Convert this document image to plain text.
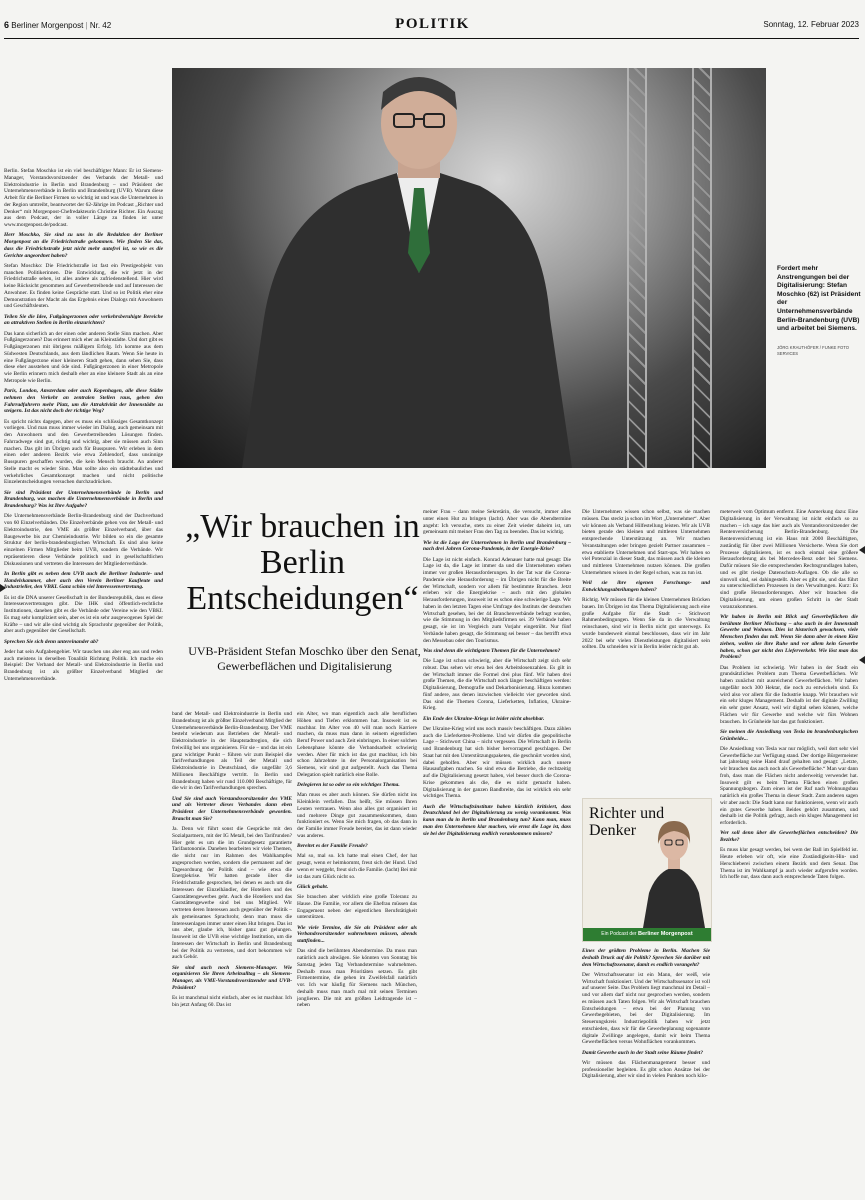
6 Berliner Morgenpost | Nr. 42	POLITIK	Sonntag, 12. Februar 2023

Berlin. Stefan Moschko ist ein viel beschäftigter Mann: Er ist Siemens-Manager, Vorstandsvorsitzender des Verbands der Metall- und Elektroindustrie in Berlin und Brandenburg – und Präsident der Unternehmensverbände in Berlin und Brandenburg (UVB). Warum diese Arbeit für die Berliner Firmen so wichtig ist und was die Unternehmen in der Region umtreibt, beantwortet der 62-Jährige im Podcast „Richter und Denker“ mit Morgenpost-Chefredakteurin Christine Richter. Ein Auszug aus dem Podcast, der in voller Länge zu finden ist unter www.morgenpost.de/podcast.

Herr Moschko, Sie sind zu uns in die Redaktion der Berliner Morgenpost an die Friedrichstraße gekommen. Wie finden Sie das, dass die Friedrichstraße jetzt nicht mehr autofrei ist, so wie es die Gerichte angeordnet haben?

Stefan Moschko: Die Friedrichstraße ist fast ein Prestigeobjekt von manchen Politikerinnen. Die Entwicklung, die wir jetzt in der Friedrichstraße sehen, ist alles andere als zufriedenstellend. Hier wird keine Rücksicht genommen auf Gewerbetreibende und auf Interessen der Anwohner. Es finden keine Gespräche statt. Und so ist Politik eher eine Demonstration der Macht als das Ergebnis eines Dialogs mit Anwohnern und Geschäftsleuten.

Teilen Sie die Idee, Fußgängerzonen oder verkehrsberuhigte Bereiche an attraktiven Stellen in Berlin einzurichten?

Das kann sicherlich an der einen oder anderen Stelle Sinn machen. Aber Fußgängerzonen? Das erinnert mich eher an Kleinstädte. Und dort gibt es Fußgängerzonen mit übrigens mäßigem Erfolg. Ich komme aus dem Südwesten Deutschlands, aus dem ländlichen Raum. Wenn Sie heute in eine Fußgängerzone einer kleineren Stadt gehen, dann sehen Sie, dass diese eher ausstehen und öde sind. Fußgängerzonen in einer Metropole wie Berlin erinnern mich deshalb eher an eine kleinere Stadt als an eine Metropole wie Berlin.

Paris, London, Amsterdam oder auch Kopenhagen, alle diese Städte nehmen den Verkehr an zentralen Stellen raus, geben den Fahrradfahrern mehr Platz, um die Attraktivität der Innenstädte zu steigern. Ist das nicht doch der richtige Weg?

Es spricht nichts dagegen, aber es muss ein schlüssiges Gesamtkonzept vorliegen. Und man muss immer wieder im Dialog, auch gemeinsam mit den Anwohnern und den Gewerbetreibenden Lösungen finden. Fahrradwege sind gut, richtig und wichtig, aber sie müssen auch Sinn machen. Das gilt im Übrigen auch für Busspuren. Wir erleben in dem einen oder anderen Bezirk wie etwa Zehlendorf, dass unsinnige Busspuren geschaffen wurden, die kein Mensch braucht. An anderer Stelle macht es wieder Sinn. Man sollte also ein städtebauliches und verkehrliches Gesamtkonzept machen und nicht politische Einzelentscheidungen versuchen durchzudrücken.

Sie sind Präsident der Unternehmensverbände in Berlin und Brandenburg, was machen die Unternehmensverbände in Berlin und Brandenburg? Was ist Ihre Aufgabe?

Die Unternehmensverbände Berlin-Brandenburg sind der Dachverband von 60 Einzelverbänden. Die Einzelverbände gehen von der Metall- und Elektroindustrie, den VME als größter Einzelverband, über das Baugewerbe bis zur Chemieindustrie. Wir bilden so ein die gesamte Struktur der berlin-brandenburgischen Wirtschaft. Es sind also keine einzelnen Firmen Mitglieder beim UVB, sondern die Verbände. Wir repräsentieren diese Verbände politisch und in gesellschaftlichen Diskussionen und vertreten die Interessen der Mitgliederverbände.

In Berlin gibt es neben dem UVB auch die Berliner Industrie- und Handelskammer, aber auch den Verein Berliner Kaufleute und Industrieller, den VBKI. Ganz schön viel Interessenvertretung.

Es ist die DNA unserer Gesellschaft in der Bundesrepublik, dass es diese Interessenvertretungen gibt. Die IHK sind öffentlich-rechtliche Institutionen, daneben gibt es die Verbände oder Vereine wie den VBKI. Es mag sehr kompliziert sein, aber es ist ein sehr ausgewogenes Spiel der Kräfte – und wir alle sind wichtig als Sprachrohr gegenüber der Politik, aber auch gegenüber der Gesellschaft.

Sprechen Sie sich denn untereinander ab?

Jeder hat sein Aufgabengebiet. Wir tauschen uns aber eng aus und reden auch meistens in derselben Tonalität Richtung Politik. Ich mache ein Beispiel: Der Verband der Metall- und Elektroindustrie in Berlin und Brandenburg ist als größter Einzelverband Mitglied der Unternehmensverbände.

Fordert mehr Anstrengungen bei der Digitalisierung: Stefan Moschko (62) ist Präsident der Unternehmensverbände Berlin-Brandenburg (UVB) und arbeitet bei Siemens.
JÖRG KRAUTHÖFER / FUNKE FOTO SERVICES
„Wir brauchen in Berlin Entscheidungen“
UVB-Präsident Stefan Moschko über den Senat, Gewerbeflächen und Digitalisierung

band der Metall- und Elektroindustrie in Berlin und Brandenburg ist als größter Einzelverband Mitglied der Unternehmensverbände Berlin-Brandenburg. Der VME besteht wiederum aus Betrieben der Metall- und Elektroindustrie in der Hauptstadtregion, die sich freiwillig bei uns organisieren. Für sie – und das ist ein ganz wichtiger Punkt – führen wir zum Beispiel die Tarifverhandlungen als Teil der Metall und Elektroindustrie in Deutschland, die ungefähr 3,6 Millionen Beschäftigte vertritt. In Berlin und Brandenburg haben wir rund 110.000 Beschäftigte, für die wir in den Tarifverhandlungen sprechen.

Und Sie sind auch Vorstandsvorsitzender des VME und als Vertreter dieses Verbandes dann eben Präsident der Unternehmensverbände geworden. Braucht man Sie?

Ja. Denn wir führt sonst die Gespräche mit den Sozialpartnern, mit der IG Metall, bei den Tarifrunden? Hier geht es um die im Grundgesetz garantierte Tarifautonomie. Daneben bearbeiten wir viele Themen, die nicht nur im Rahmen des Wahlkampfes angesprochen werden, sondern die permanent auf der Tagesordnung der Politik sind – wie etwa die Energiekrise. Wir hatten gerade über die Friedrichstraße gesprochen, bei denen es auch um die Interessen der Einzelhändler, der Hoteliers und des Gaststättengewerbes geht. Auch die Hoteliers und das Gaststättengewerbe sind bei uns Mitglied. Wir vertreten deren Interessen auch gegenüber der Politik – als gemeinsames Sprachrohr, denn man muss die Interessenlagen immer unter einen Hut bringen. Das ist uns aber, glaube ich, bisher ganz gut gelungen. Insoweit ist die UVB eine wichtige Institution, um die Interessen der Wirtschaft in Berlin und Brandenburg bei der Politik zu vertreten, und dort bekommen wir auch Gehör.

Sie sind auch noch Siemens-Manager. Wie organisieren Sie Ihren Arbeitsalltag – als Siemens-Manager, als VME-Vorstandsvorsitzender und UVB-Präsident?

Es ist manchmal nicht einfach, aber es ist machbar. Ich bin jetzt Anfang 60. Das ist

ein Alter, wo man eigentlich auch alle beruflichen Höhen und Tiefen erklommen hat. Insoweit ist es machbar. Im Alter von 40 will man noch Karriere machen, da muss man dann in seinem eigentlichen Beruf Power und auch Zeit einbringen. In einer solchen Lebensphase könnte die Verbandsarbeit schwierig werden. Aber für mich ist das gut machbar, ich bin schon Jahrzehnte in der Personalorganisation bei Siemens, wir sind gut aufgestellt. Auch das Thema Delegation spielt natürlich eine Rolle.

Delegieren ist so oder so ein wichtiges Thema.

Man muss es aber auch können. Sie dürfen nicht ins Kleinklein verfallen. Das heißt, Sie müssen Ihren Leuten vertrauen. Wenn also alles gut organisiert ist und mehrere Dinge gut zusammenkommen, dann funktioniert es. Wenn Sie mich fragen, ob das dann in der Familie immer Freude bereitet, das ist dann wieder was anderes.

Bereitet es der Familie Freude?

Mal so, mal so. Ich hatte mal einen Chef, der hat gesagt, wenn er heimkommt, freut sich der Hund. Und wenn er weggeht, freut sich die Familie. (lacht) Bei mir ist das zum Glück nicht so.

Glück gehabt.

Sie brauchen aber wirklich eine große Toleranz zu Hause. Die Familie, vor allem die Ehefrau müssen das Engagement neben der eigentlichen Berufstätigkeit unterstützen.

Wie viele Termine, die Sie als Präsident oder als Verbandsvorsitzender wahrnehmen müssen, abends stattfinden...

Das sind die berühmten Abendtermine. Da muss man natürlich auch abwägen. Sie könnten von Sonntag bis Samstag jeden Tag Verbandstermine wahrnehmen. Deshalb muss man Prioritäten setzen. Es gibt Firmentermine, die gehen im Zweifelsfall natürlich vor. Ich war häufig für Siemens nach München, deshalb muss man mach mal mit seinen Terminen jonglieren. Die mit am größten Leidtragende ist – neben

meiner Frau – dann meine Sekretärin, die versucht, immer alles unter einen Hut zu bringen (lacht). Aber was die Abendtermine angeht: Ich versuche, stets zu einer Zeit wieder daheim ist, um gemeinsam mit meiner Frau den Tag zu beenden. Das ist wichtig.

Wie ist die Lage der Unternehmen in Berlin und Brandenburg – nach drei Jahren Corona-Pandemie, in der Energie-Krise?

Die Lage ist nicht einfach. Konrad Adenauer hatte mal gesagt: Die Lage ist da, die Lage ist immer da und die Unternehmen stehen immer vor großen Herausforderungen. In der Tat war die Corona-Pandemie eine Herausforderung – im Übrigen nicht für die Breite der Wirtschaft, sondern vor allem für bestimmte Branchen. Jetzt erleben wir die Energiekrise – auch mit den globalen Herausforderungen, insoweit ist es schon eine schwierige Lage. Wir haben in den letzten Tagen eine Umfrage des Instituts der deutschen Wirtschaft gesehen, bei der 44 Branchenverbände befragt wurden, wie die Stimmung in den Mitgliedsfirmen sei. 39 Verbände haben gesagt, sie ist im Vergleich zum Vorjahr eingetrübt. Nur fünf Verbände haben gesagt, die Stimmung sei besser – das betrifft etwa den Messebau oder den Tourismus.

Was sind denn die wichtigsten Themen für die Unternehmen?

Die Lage ist schon schwierig, aber die Wirtschaft zeigt sich sehr robust. Das sehen wir etwa bei den Arbeitslosenzahlen. Es gilt in der Wirtschaft immer die Formel drei plus fünf. Wir haben drei große Themen, die die Wirtschaft noch länger beschäftigen werden: Digitalisierung, Demografie und Dekarbonisierung. Hinzu kommen fünf andere, aus denen inzwischen vielleicht vier geworden sind. Das sind die Themen Corona, Lieferketten, Inflation, Ukraine-Krieg.

Ein Ende des Ukraine-Kriegs ist leider nicht absehbar.

Der Ukraine-Krieg wird uns noch massiv beschäftigen. Dazu zählen auch die Lieferketten-Probleme. Und wir dürfen die geopolitische Lage – Stichwort China – nicht vergessen. Die Wirtschaft in Berlin und Brandenburg hat sich bisher hervorragend geschlagen. Der Staat hat mit den Unterstützungspaketen, die geschnürt worden sind, dabei geholfen. Aber wir müssen wirklich auch unsere Hausaufgaben machen. So sind etwa die Betriebe, die rechtzeitig auf die Digitalisierung gesetzt haben, viel besser durch die Corona-Krise gekommen als die, die es nicht gemacht haben. Digitalisierung in der ganzen Bandbreite, das ist wirklich ein sehr wichtiges Thema.

Auch die Wirtschaftsinstitute haben kürzlich kritisiert, dass Deutschland bei der Digitalisierung zu wenig vorankommt. Was kann man da in Berlin und Brandenburg tun? Kann man, muss man den Unternehmen klar machen, wie ernst die Lage ist, dass sie bei der Digitalisierung endlich vorankommen müssen?

Die Unternehmen wissen schon selbst, was sie machen müssen. Das steckt ja schon im Wort „Unternehmer“. Aber wir können als Verband Hilfestellung leisten. Wir als UVB bieten gerade den kleinen und mittleren Unternehmen entsprechende Unterstützung an. Wir machen Veranstaltungen oder bringen gezielt Partner zusammen – etwa etablierte Unternehmen und Start-ups. Wir haben so viel Potenzial in dieser Stadt, das müssen auch die kleinen und mittleren Unternehmen nutzen können. Die großen Unternehmen wissen in der Regel schon, was zu tun ist.

Weil sie ihre eigenen Forschungs- und Entwicklungsabteilungen haben?

Richtig. Wir müssen für die kleinen Unternehmen Brücken bauen. Im Übrigen ist das Thema Digitalisierung auch eine große Aufgabe für die Stadt – Stichwort Rahmenbedingungen. Wenn Sie da in die Verwaltung reinschauen, sind wir in Berlin nicht gut unterwegs. Es wurde bundesweit einmal beschlossen, dass wir im Jahr 2022 bei sehr vielen Dienstleistungen digitalisiert sein sollten. Da schneiden wir in Berlin leider nicht gut ab.

Richter und Denker
Ein Podcast der Berliner Morgenpost

Eines der größten Probleme in Berlin. Machen Sie deshalb Druck auf die Politik? Sprechen Sie darüber mit dem Wirtschaftssenator, damit es endlich vorangeht?

Der Wirtschaftssenator ist ein Mann, der weiß, wie Wirtschaft funktioniert. Und der Wirtschaftssenator ist voll auf unserer Seite. Das Problem liegt manchmal im Detail – und vor allem darf nicht nur gesprochen werden, sondern es müssen auch Taten folgen. Wir als Wirtschaft brauchen Entscheidungen – etwa bei der Planung von Gewerbegebieten, bei der Digitalisierung. Im Steuerungskreis Industriepolitik haben wir jetzt entschieden, dass wir für die Gewerbeplanung sogenannte digitale Zwillinge angelegen, damit wir beim Thema Gewerbeflächen versus Wohnflächen vorankommen.

Damit Gewerbe auch in der Stadt seine Räume findet?

Wir müssen das Flächenmanagement besser und professioneller begleiten. Es gibt schon Ansätze bei der Digitalisierung, aber wir sind in vielen Punkten noch kilo-

meterweit vom Optimum entfernt. Eine Anmerkung dazu: Eine Digitalisierung in der Verwaltung ist nicht einfach so zu machen – ich sage das hier auch als Vorstandsvorsitzender der Rentenversicherung Berlin-Brandenburg. Die Rentenversicherung ist ein Haus mit 2000 Beschäftigten, zuständig für über zwei Millionen Versicherte. Wenn Sie dort Prozesse digitalisieren, ist es noch einmal eine größere Herausforderung als bei Mercedes-Benz oder bei Siemens. Dafür müssen Sie die entsprechenden Rechtsgrundlagen haben, und es gibt riesige Datenschutz-Auflagen. Ob die alle so sinnvoll sind, sei dahingestellt. Aber es gibt sie, und das führt zu unterschiedlichen Prozessen in den Verwaltungen. Kurz: Es sind große Herausforderungen. Aber wir brauchen die Digitalisierung, um einen großen Schritt in der Stadt voranzukommen.

Wir haben in Berlin mit Blick auf Gewerbeflächen die berühmte Berliner Mischung – also auch in der Innenstadt Gewerbe und Wohnen. Dies ist historisch gewachsen, viele Menschen finden das toll. Wenn Sie dann aber in einen Kiez ziehen, wollen sie ihre Ruhe und vor allem kein Gewerbe haben, schon gar nicht den Lieferverkehr. Wie löst man das Problem?

Das Problem ist schwierig. Wir haben in der Stadt ein grundsätzliches Problem zum Thema Gewerbeflächen. Wir haben zunächst mit ausreichend Gewerbeflächen. Wir haben ungefähr noch 300 Hektar, die noch zu entwickeln sind. Es wird also vor allem für die Industrie knapp. Wir brauchen wir ein sehr kluges Management. Deshalb ist der digitale Zwilling ein sehr guter Ansatz, weil wir digital sehen können, welche Flächen wir für Gewerbe und welche wir fürs Wohnen brauchen. In Grünheide hat das gut funktioniert.

Sie meinen die Ansiedlung von Tesla im brandenburgischen Grünheide...

Die Ansiedlung von Tesla war nur möglich, weil dort sehr viel Gewerbefläche zur Verfügung stand. Der dortige Bürgermeister hat jahrelang seine Hand drauf gehalten und gesagt: „Letzte, wir brauchen das auch noch als Gewerbefläche.“ Man war dann froh, dass man die Flächen nicht anderweitig verwendet hat. Insoweit gilt es beim Thema Flächen einen großen Spannungsbogen. Zum einen ist der Ruf nach Wohnungsbau natürlich ein großes Thema in dieser Stadt. Zum anderen sagen wir aber auch: Die Stadt kann nur funktionieren, wenn wir auch ein gutes Gewerbe haben. Beides gehört zusammen, und deshalb ist die Politik gefragt, auch ein kluges Management ist erforderlich.

Wer soll denn über die Gewerbeflächen entscheiden? Die Bezirke?

Es muss klar gesagt werden, bei wem der Ball im Spielfeld ist. Heute erleben wir oft, wie eine Zuständigkeits-Hin- und Herschieberei zwischen einem Bezirk und dem Senat. Das Thema ist im Wahlkampf ja auch wieder aufgerufen worden. Ich hoffe nur, dass dann auch entsprechende Taten folgen.
